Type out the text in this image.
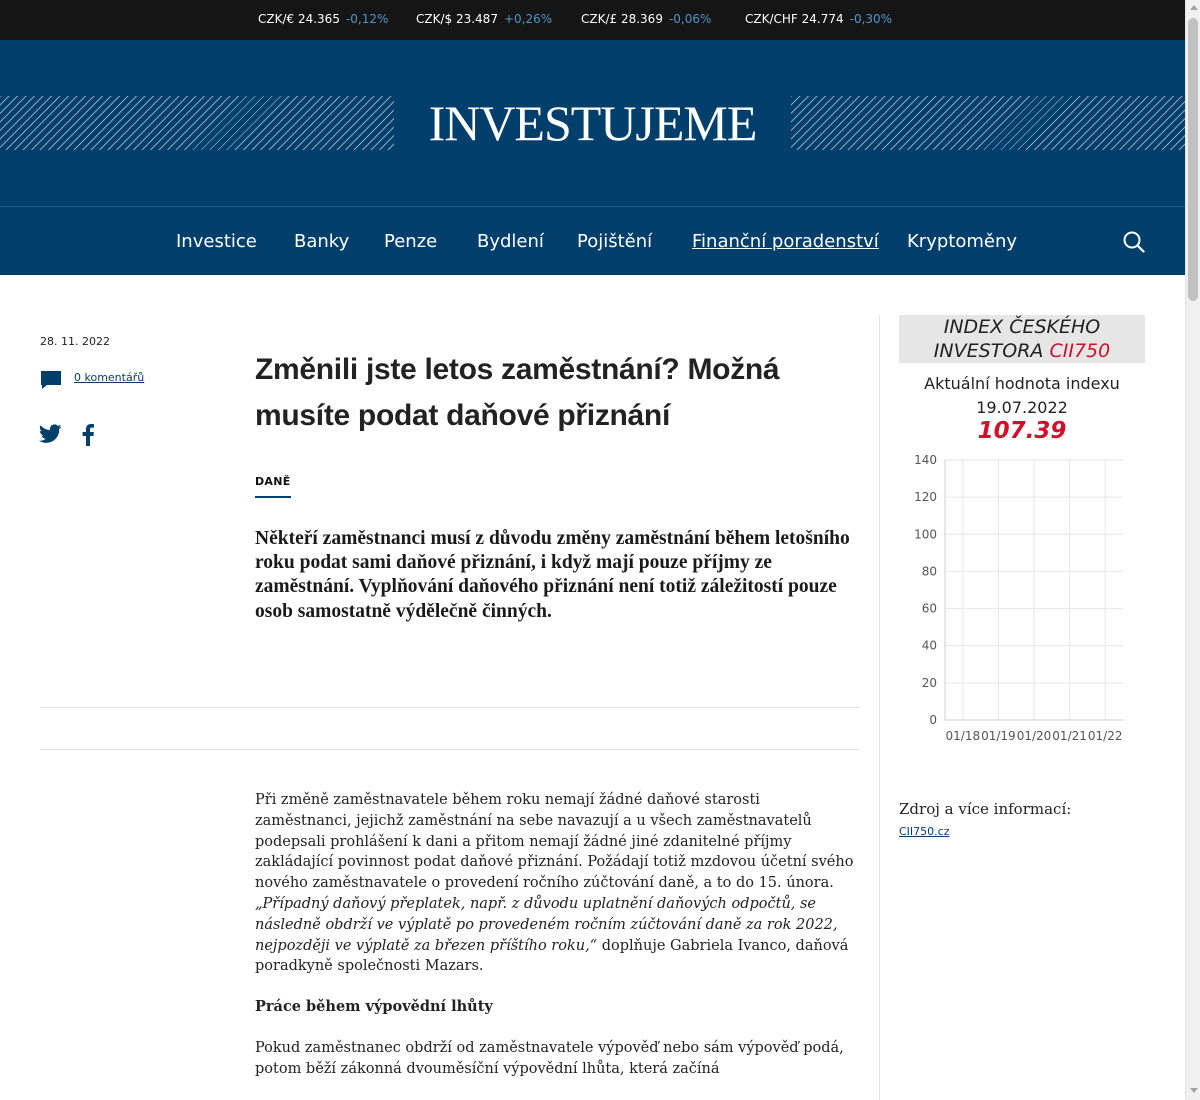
CZK/€ 24.365 -0,12% CZK/$ 23.487 +0,26% CZK/£ 28.369 -0,06%	CZK/CHF 24.774 -0,30%
INVESTUJEME
Investice Banky Penze Bydlení Pojištění Finanční poradenství Kryptoměny
28. 11. 2022
0 komentářů	Změnili jste letos zaměstnání? Možná musíte podat daňové přiznání
DANĚ
Někteří zaměstnanci musí z důvodu změny zaměstnání během letošního roku podat sami daňové přiznání, i když mají pouze příjmy ze zaměstnání. Vyplňování daňového přiznání není totiž záležitostí pouze osob samostatně výdělečně činných.

Při změně zaměstnavatele během roku nemají žádné daňové starosti zaměstnanci, jejichž zaměstnání na sebe navazují a u všech zaměstnavatelů podepsali prohlášení k dani a přitom nemají žádné jiné zdanitelné příjmy zakládající povinnost podat daňové přiznání. Požádají totiž mzdovou účetní svého nového zaměstnavatele o provedení ročního zúčtování daně, a to do 15. února. „Případný daňový přeplatek, např. z důvodu uplatnění daňových odpočtů, se následně obdrží ve výplatě po provedeném ročním zúčtování daně za rok 2022, nejpozději ve výplatě za březen příštího roku,“ doplňuje Gabriela Ivanco, daňová poradkyně společnosti Mazars.

Práce během výpovědní lhůty

Pokud zaměstnanec obdrží od zaměstnavatele výpověď nebo sám výpověď podá, potom běží zákonná dvouměsíční výpovědní lhůta, která začíná

INDEX ČESKÉHO
INVESTORA CII750
Aktuální hodnota indexu
19.07.2022
107.39
0
20
40
60
80
100
120
140
01/18 01/19 01/20 01/21 01/22
Zdroj a více informací:
CII750.cz
